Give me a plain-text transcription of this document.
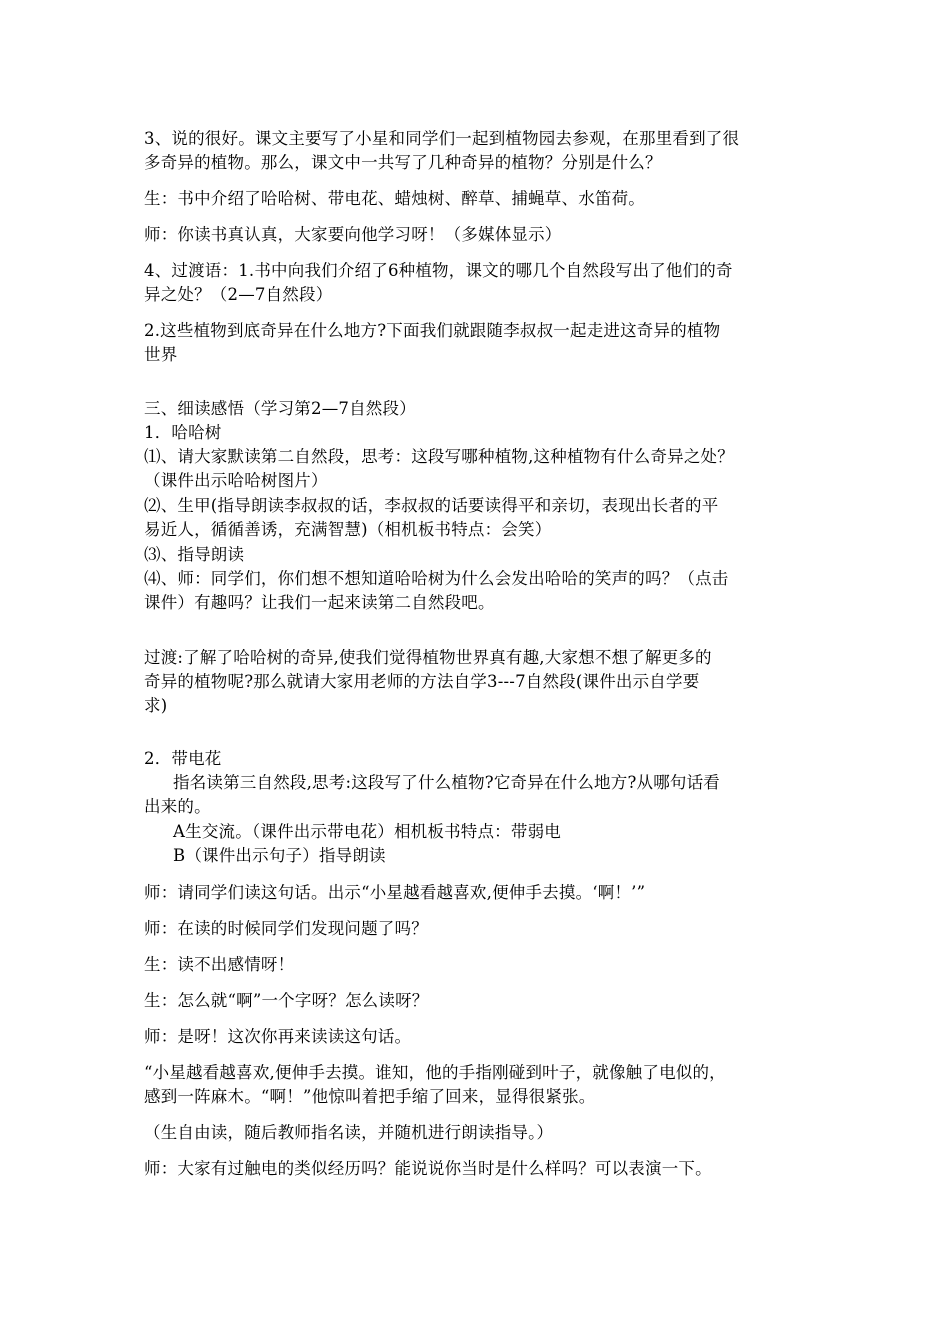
3、说的很好。课文主要写了小星和同学们一起到植物园去参观，在那里看到了很
多奇异的植物。那么，课文中一共写了几种奇异的植物？分别是什么？
生：书中介绍了哈哈树、带电花、蜡烛树、醉草、捕蝇草、水笛荷。
师：你读书真认真，大家要向他学习呀！（多媒体显示）
4、过渡语：1.书中向我们介绍了6种植物，课文的哪几个自然段写出了他们的奇
异之处？（2—7自然段）
2.这些植物到底奇异在什么地方?下面我们就跟随李叔叔一起走进这奇异的植物
世界
三、细读感悟（学习第2—7自然段）
1．哈哈树
⑴、请大家默读第二自然段，思考：这段写哪种植物,这种植物有什么奇异之处？
（课件出示哈哈树图片）
⑵、生甲(指导朗读李叔叔的话，李叔叔的话要读得平和亲切，表现出长者的平
易近人，循循善诱，充满智慧)（相机板书特点：会笑）
⑶、指导朗读
⑷、师：同学们，你们想不想知道哈哈树为什么会发出哈哈的笑声的吗？（点击
课件）有趣吗？让我们一起来读第二自然段吧。
过渡:了解了哈哈树的奇异,使我们觉得植物世界真有趣,大家想不想了解更多的
奇异的植物呢?那么就请大家用老师的方法自学3---7自然段(课件出示自学要
求)
2．带电花
指名读第三自然段,思考:这段写了什么植物?它奇异在什么地方?从哪句话看
出来的。
A生交流。（课件出示带电花）相机板书特点：带弱电
B（课件出示句子）指导朗读
师：请同学们读这句话。出示“小星越看越喜欢,便伸手去摸。‘啊！’”
师：在读的时候同学们发现问题了吗？
生：读不出感情呀！
生：怎么就“啊”一个字呀？怎么读呀？
师：是呀！这次你再来读读这句话。
“小星越看越喜欢,便伸手去摸。谁知，他的手指刚碰到叶子，就像触了电似的，
感到一阵麻木。“啊！”他惊叫着把手缩了回来，显得很紧张。
（生自由读，随后教师指名读，并随机进行朗读指导。）
师：大家有过触电的类似经历吗？能说说你当时是什么样吗？可以表演一下。
